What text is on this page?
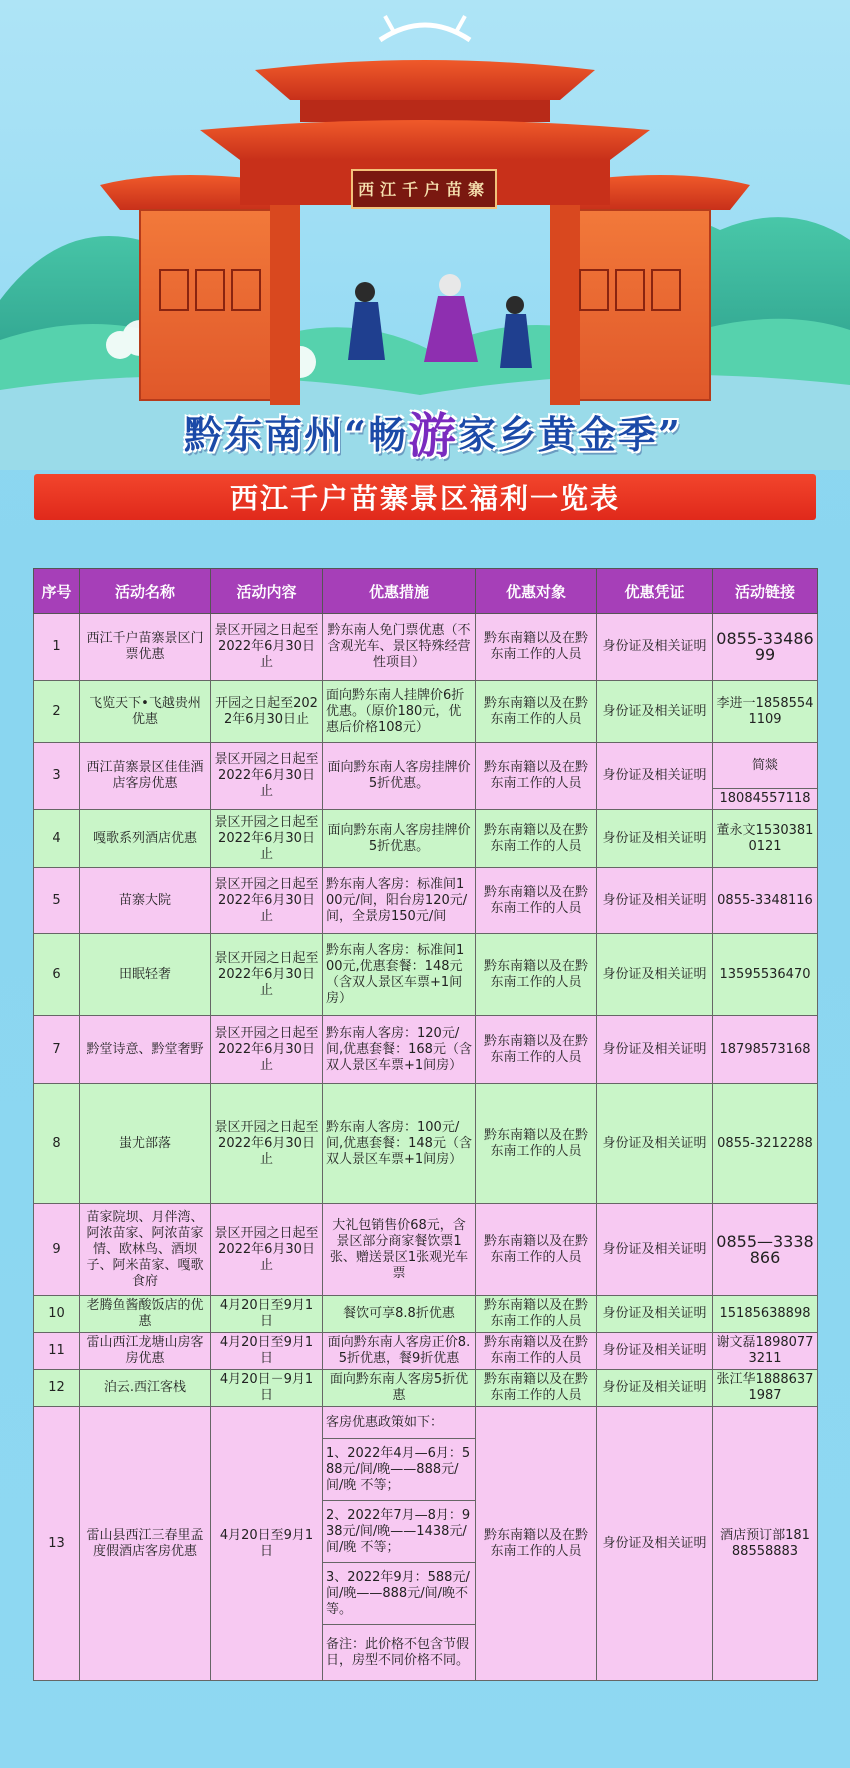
西江千户苗寨
黔东南州“畅 游 家乡黄金季”
西江千户苗寨景区福利一览表
序号	活动名称	活动内容	优惠措施	优惠对象	优惠凭证	活动链接
1	西江千户苗寨景区门票优惠	景区开园之日起至2022年6月30日止	黔东南人免门票优惠（不含观光车、景区特殊经营性项目）	黔东南籍以及在黔东南工作的人员	身份证及相关证明	0855-3348699
2	飞览天下•飞越贵州优惠	开园之日起至2022年6月30日止	面向黔东南人挂牌价6折优惠。（原价180元，优惠后价格108元）	黔东南籍以及在黔东南工作的人员	身份证及相关证明	李进一18585541109
3	西江苗寨景区佳佳酒店客房优惠	景区开园之日起至2022年6月30日止	面向黔东南人客房挂牌价5折优惠。	黔东南籍以及在黔东南工作的人员	身份证及相关证明	简燚
						18084557118
4	嘎歌系列酒店优惠	景区开园之日起至2022年6月30日止	面向黔东南人客房挂牌价5折优惠。	黔东南籍以及在黔东南工作的人员	身份证及相关证明	董永文15303810121
5	苗寨大院	景区开园之日起至2022年6月30日止	黔东南人客房：标准间100元/间，阳台房120元/间，全景房150元/间	黔东南籍以及在黔东南工作的人员	身份证及相关证明	0855-3348116
6	田眠轻奢	景区开园之日起至2022年6月30日止	黔东南人客房：标准间100元,优惠套餐：148元（含双人景区车票+1间房）	黔东南籍以及在黔东南工作的人员	身份证及相关证明	13595536470
7	黔堂诗意、黔堂奢野	景区开园之日起至2022年6月30日止	黔东南人客房：120元/间,优惠套餐：168元（含双人景区车票+1间房）	黔东南籍以及在黔东南工作的人员	身份证及相关证明	18798573168
8	蚩尤部落	景区开园之日起至2022年6月30日止	黔东南人客房：100元/间,优惠套餐：148元（含双人景区车票+1间房）	黔东南籍以及在黔东南工作的人员	身份证及相关证明	0855-3212288
9	苗家院坝、月伴湾、阿浓苗家、阿浓苗家情、欧林鸟、酒坝子、阿米苗家、嘎歌食府	景区开园之日起至2022年6月30日止	大礼包销售价68元，含景区部分商家餐饮票1张、赠送景区1张观光车票	黔东南籍以及在黔东南工作的人员	身份证及相关证明	0855—3338866
10	老腾鱼酱酸饭店的优惠	4月20日至9月1日	餐饮可享8.8折优惠	黔东南籍以及在黔东南工作的人员	身份证及相关证明	15185638898
11	雷山西江龙塘山房客房优惠	4月20日至9月1日	面向黔东南人客房正价8.5折优惠，餐9折优惠	黔东南籍以及在黔东南工作的人员	身份证及相关证明	谢文磊18980773211
12	泊云.西江客栈	4月20日－9月1日	面向黔东南人客房5折优惠	黔东南籍以及在黔东南工作的人员	身份证及相关证明	张江华18886371987
13	雷山县西江三春里孟度假酒店客房优惠	4月20日至9月1日	客房优惠政策如下：	黔东南籍以及在黔东南工作的人员	身份证及相关证明	酒店预订部18188558883
			1、2022年4月—6月：588元/间/晚——888元/间/晚 不等；			
			2、2022年7月—8月：938元/间/晚——1438元/间/晚 不等；			
			3、2022年9月：588元/间/晚——888元/间/晚不等。			
			备注：此价格不包含节假日，房型不同价格不同。			
